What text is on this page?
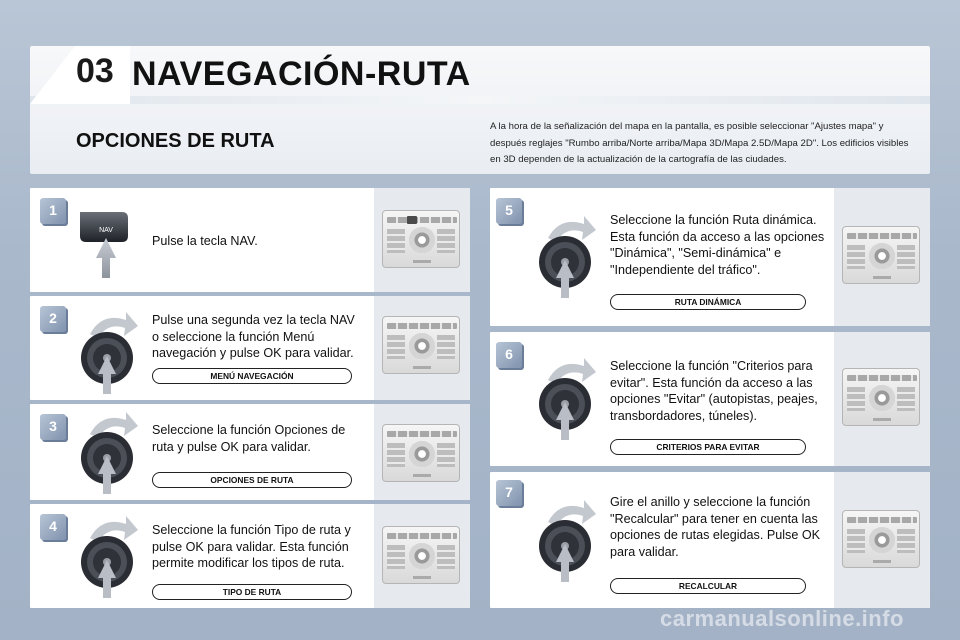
03 NAVEGACIÓN-RUTA
OPCIONES DE RUTA
A la hora de la señalización del mapa en la pantalla, es posible seleccionar "Ajustes mapa" y después reglajes "Rumbo arriba/Norte arriba/Mapa 3D/Mapa 2.5D/Mapa 2D". Los edificios visibles en 3D dependen de la actualización de la cartografía de las ciudades.
1
NAV
Pulse la tecla NAV.
2	Pulse una segunda vez la tecla NAV o seleccione la función Menú navegación y pulse OK para validar.
MENÚ NAVEGACIÓN
3	Seleccione la función Opciones de ruta y pulse OK para validar.
OPCIONES DE RUTA
4	Seleccione la función Tipo de ruta y pulse OK para validar. Esta función permite modificar los tipos de ruta.
TIPO DE RUTA
5
Seleccione la función Ruta dinámica. Esta función da acceso a las opciones "Dinámica", "Semi-dinámica" e "Independiente del tráfico".
RUTA DINÁMICA
6
Seleccione la función "Criterios para evitar". Esta función da acceso a las opciones "Evitar" (autopistas, peajes, transbordadores, túneles).
CRITERIOS PARA EVITAR
7
Gire el anillo y seleccione la función "Recalcular" para tener en cuenta las opciones de rutas elegidas. Pulse OK para validar.
RECALCULAR
carmanualsonline.info
